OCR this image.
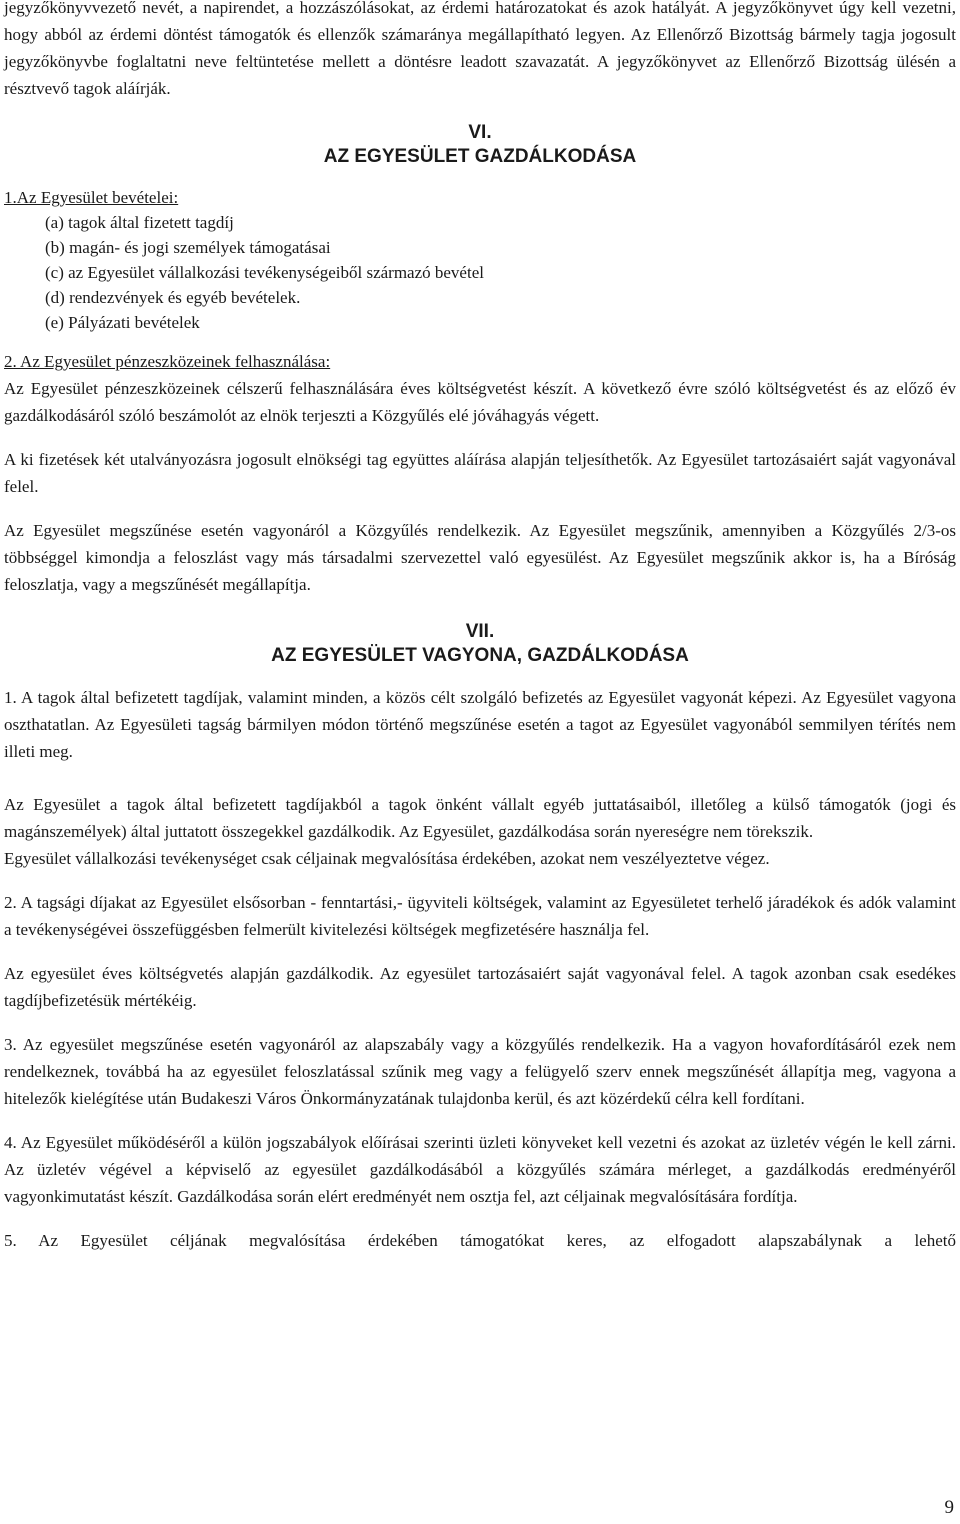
jegyzőkönyvvezető nevét, a napirendet, a hozzászólásokat, az érdemi határozatokat és azok hatályát. A jegyzőkönyvet úgy kell vezetni, hogy abból az érdemi döntést támogatók és ellenzők számaránya megállapítható legyen. Az Ellenőrző Bizottság bármely tagja jogosult jegyzőkönyvbe foglaltatni neve feltüntetése mellett a döntésre leadott szavazatát. A jegyzőkönyvet az Ellenőrző Bizottság ülésén a résztvevő tagok aláírják.

VI.
AZ EGYESÜLET GAZDÁLKODÁSA
1.Az Egyesület bevételei:
(a) tagok által fizetett tagdíj
(b) magán- és jogi személyek támogatásai
(c) az Egyesület vállalkozási tevékenységeiből származó bevétel
(d) rendezvények és egyéb bevételek.
(e) Pályázati bevételek
2. Az Egyesület pénzeszközeinek felhasználása:

Az Egyesület pénzeszközeinek célszerű felhasználására éves költségvetést készít. A következő évre szóló költségvetést és az előző év gazdálkodásáról szóló beszámolót az elnök terjeszti a Közgyűlés elé jóváhagyás végett.

A ki fizetések két utalványozásra jogosult elnökségi tag együttes aláírása alapján teljesíthetők. Az Egyesület tartozásaiért saját vagyonával felel.

Az Egyesület megszűnése esetén vagyonáról a Közgyűlés rendelkezik. Az Egyesület megszűnik, amennyiben a Közgyűlés 2/3-os többséggel kimondja a feloszlást vagy más társadalmi szervezettel való egyesülést. Az Egyesület megszűnik akkor is, ha a Bíróság feloszlatja, vagy a megszűnését megállapítja.

VII.
AZ EGYESÜLET VAGYONA, GAZDÁLKODÁSA

1. A tagok által befizetett tagdíjak, valamint minden, a közös célt szolgáló befizetés az Egyesület vagyonát képezi. Az Egyesület vagyona oszthatatlan. Az Egyesületi tagság bármilyen módon történő megszűnése esetén a tagot az Egyesület vagyonából semmilyen térítés nem illeti meg.

Az Egyesület a tagok által befizetett tagdíjakból a tagok önként vállalt egyéb juttatásaiból, illetőleg a külső támogatók (jogi és magánszemélyek) által juttatott összegekkel gazdálkodik. Az Egyesület, gazdálkodása során nyereségre nem törekszik.

Egyesület vállalkozási tevékenységet csak céljainak megvalósítása érdekében, azokat nem veszélyeztetve végez.

2. A tagsági díjakat az Egyesület elsősorban - fenntartási,- ügyviteli költségek, valamint az Egyesületet terhelő járadékok és adók valamint a tevékenységévei összefüggésben felmerült kivitelezési költségek megfizetésére használja fel.

Az egyesület éves költségvetés alapján gazdálkodik. Az egyesület tartozásaiért saját vagyonával felel. A tagok azonban csak esedékes tagdíjbefizetésük mértékéig.

3. Az egyesület megszűnése esetén vagyonáról az alapszabály vagy a közgyűlés rendelkezik. Ha a vagyon hovafordításáról ezek nem rendelkeznek, továbbá ha az egyesület feloszlatással szűnik meg vagy a felügyelő szerv ennek megszűnését állapítja meg, vagyona a hitelezők kielégítése után Budakeszi Város Önkormányzatának tulajdonba kerül, és azt közérdekű célra kell fordítani.

4. Az Egyesület működéséről a külön jogszabályok előírásai szerinti üzleti könyveket kell vezetni és azokat az üzletév végén le kell zárni. Az üzletév végével a képviselő az egyesület gazdálkodásából a közgyűlés számára mérleget, a gazdálkodás eredményéről vagyonkimutatást készít. Gazdálkodása során elért eredményét nem osztja fel, azt céljainak megvalósítására fordítja.

5. Az Egyesület céljának megvalósítása érdekében támogatókat keres, az elfogadott alapszabálynak a lehető

9
